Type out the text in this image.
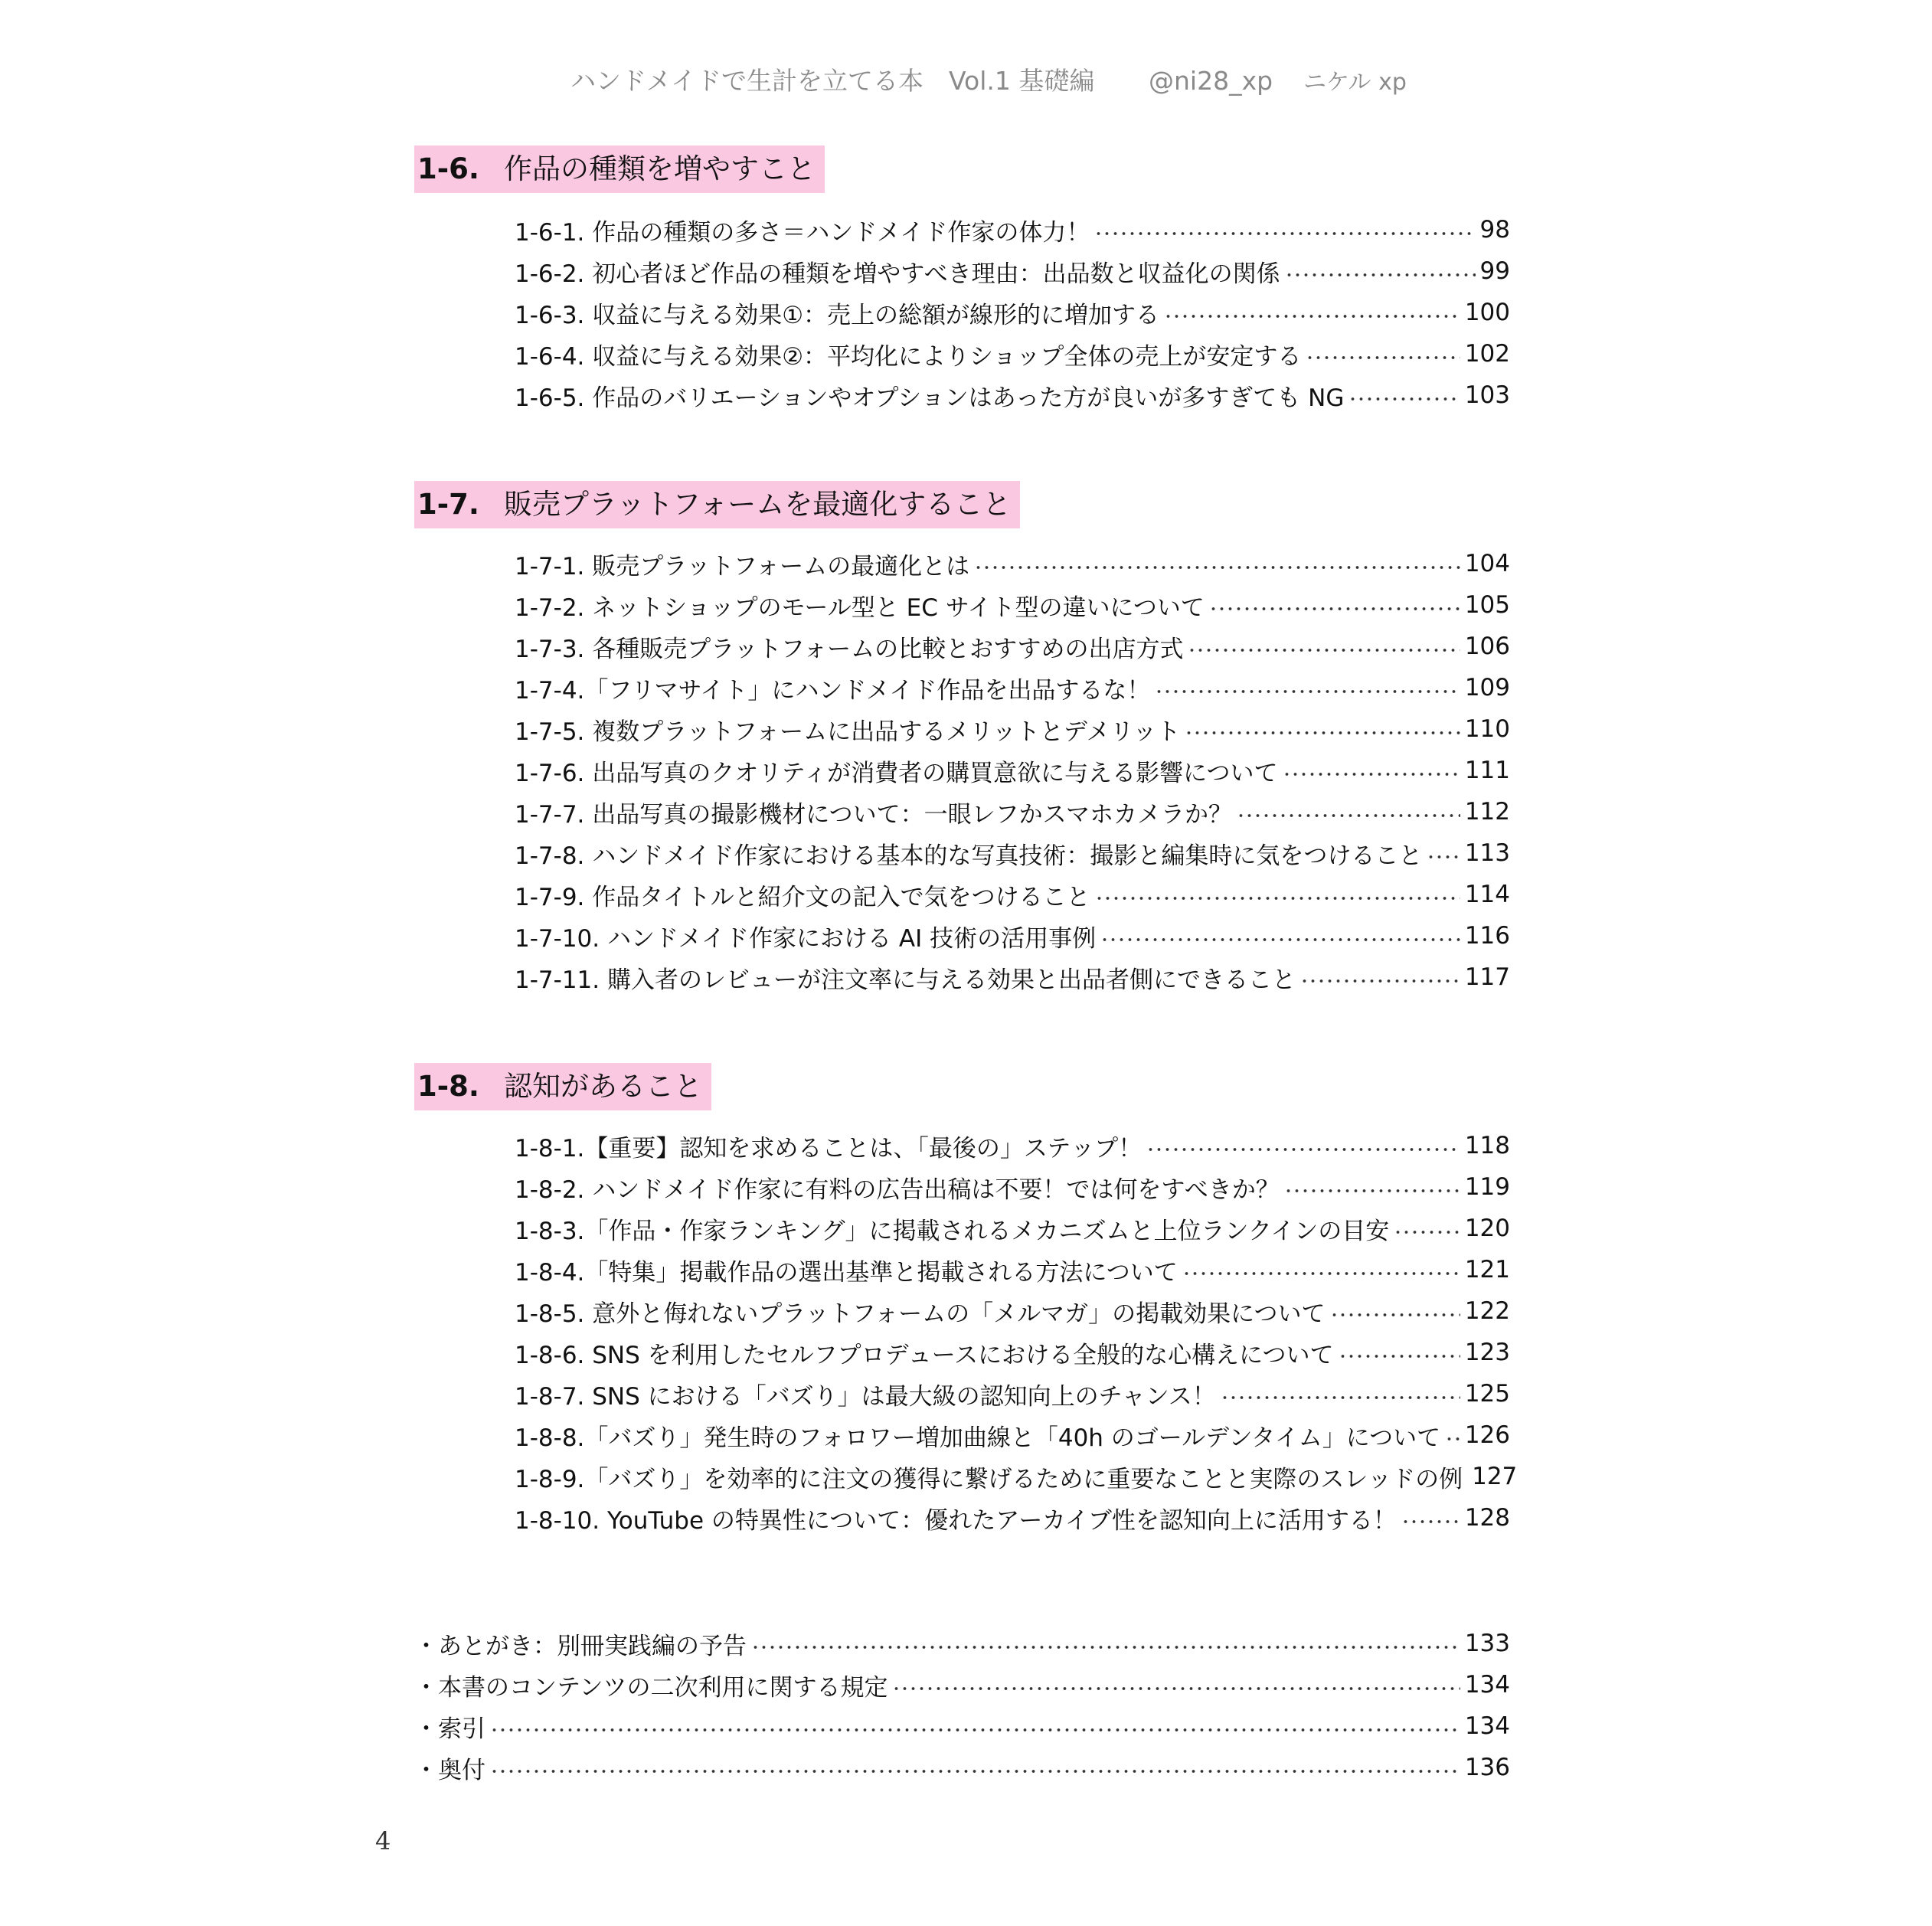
ハンドメイドで生計を立てる本　Vol.1 基礎編 @ni28_xp ニケル xp
1-6. 作品の種類を増やすこと
1-6-1. 作品の種類の多さ＝ハンドメイド作家の体力！	98
1-6-2. 初心者ほど作品の種類を増やすべき理由：出品数と収益化の関係	99
1-6-3. 収益に与える効果①：売上の総額が線形的に増加する	100
1-6-4. 収益に与える効果②：平均化によりショップ全体の売上が安定する	102
1-6-5. 作品のバリエーションやオプションはあった方が良いが多すぎても NG	103
1-7. 販売プラットフォームを最適化すること
1-7-1. 販売プラットフォームの最適化とは	104
1-7-2. ネットショップのモール型と EC サイト型の違いについて	105
1-7-3. 各種販売プラットフォームの比較とおすすめの出店方式	106
1-7-4.「フリマサイト」にハンドメイド作品を出品するな！	109
1-7-5. 複数プラットフォームに出品するメリットとデメリット	110
1-7-6. 出品写真のクオリティが消費者の購買意欲に与える影響について	111
1-7-7. 出品写真の撮影機材について：一眼レフかスマホカメラか？	112
1-7-8. ハンドメイド作家における基本的な写真技術：撮影と編集時に気をつけること 113
1-7-9. 作品タイトルと紹介文の記入で気をつけること	114
1-7-10. ハンドメイド作家における AI 技術の活用事例	116
1-7-11. 購入者のレビューが注文率に与える効果と出品者側にできること	117
1-8. 認知があること
1-8-1.【重要】認知を求めることは、「最後の」ステップ！	118
1-8-2. ハンドメイド作家に有料の広告出稿は不要！では何をすべきか？	119
1-8-3.「作品・作家ランキング」に掲載されるメカニズムと上位ランクインの目安	120
1-8-4.「特集」掲載作品の選出基準と掲載される方法について	121
1-8-5. 意外と侮れないプラットフォームの「メルマガ」の掲載効果について	122
1-8-6. SNS を利用したセルフプロデュースにおける全般的な心構えについて	123
1-8-7. SNS における「バズり」は最大級の認知向上のチャンス！	125
1-8-8.「バズり」発生時のフォロワー増加曲線と「40h のゴールデンタイム」について 126
1-8-9.「バズり」を効率的に注文の獲得に繋げるために重要なことと実際のスレッドの例 127
1-8-10. YouTube の特異性について：優れたアーカイブ性を認知向上に活用する！	128
・あとがき：別冊実践編の予告	133
・本書のコンテンツの二次利用に関する規定	134
・索引	134
・奥付	136
4
